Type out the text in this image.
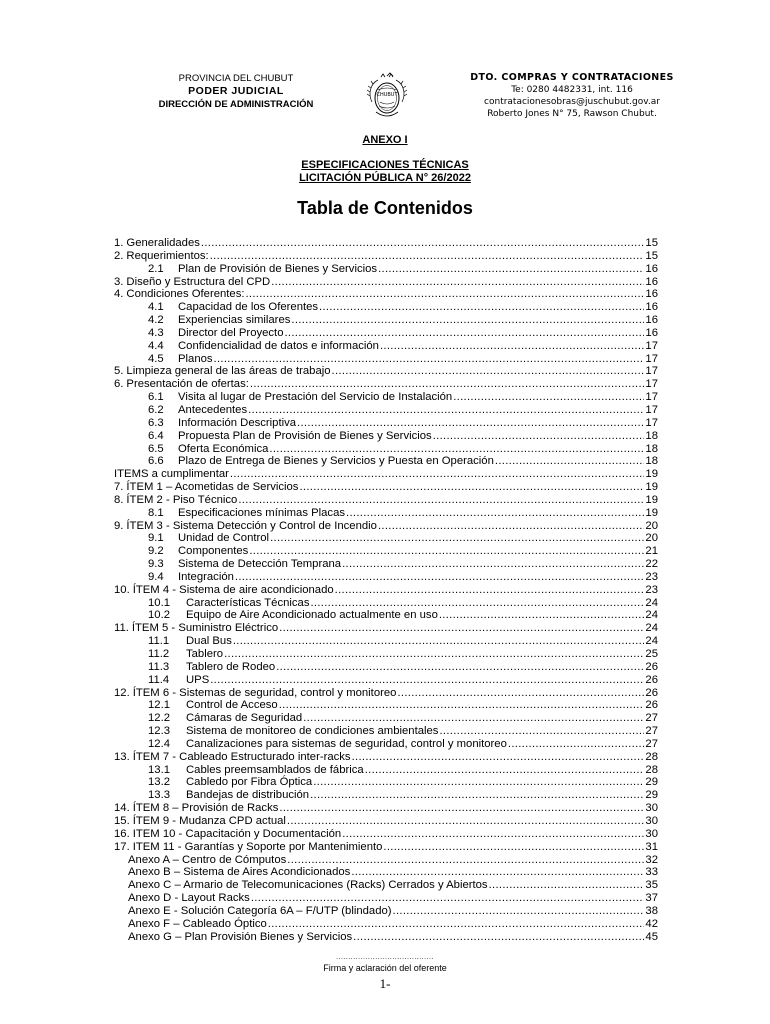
PROVINCIA DEL CHUBUT
PODER JUDICIAL
DIRECCIÓN DE ADMINISTRACIÓN
CHUBUT
DTO. COMPRAS Y CONTRATACIONES
Te: 0280 4482331, int. 116
contratacionesobras@juschubut.gov.ar
Roberto Jones N° 75, Rawson Chubut.
ANEXO I
ESPECIFICACIONES TÉCNICAS
LICITACIÓN PÚBLICA N° 26/2022
Tabla de Contenidos
1. Generalidades .....	15
2. Requerimientos: .....	15
2.1	Plan de Provisión de Bienes y Servicios .....	16
3. Diseño y Estructura del CPD .....	16
4. Condiciones Oferentes: .....	16
4.1	Capacidad de los Oferentes .....	16
4.2	Experiencias similares .....	16
4.3	Director del Proyecto .....	16
4.4	Confidencialidad de datos e información .....	17
4.5	Planos .....	17
5. Limpieza general de las áreas de trabajo .....	17
6. Presentación de ofertas: .....	17
6.1	Visita al lugar de Prestación del Servicio de Instalación .....	17
6.2	Antecedentes .....	17
6.3	Información Descriptiva .....	17
6.4	Propuesta Plan de Provisión de Bienes y Servicios .....	18
6.5	Oferta Económica .....	18
6.6	Plazo de Entrega de Bienes y Servicios y Puesta en Operación .....	18
ITEMS a cumplimentar .....	19
7. ÍTEM 1 – Acometidas de Servicios .....	19
8. ÍTEM 2 - Piso Técnico .....	19
8.1	Especificaciones mínimas Placas .....	19
9. ÍTEM 3 - Sistema Detección y Control de Incendio .....	20
9.1	Unidad de Control .....	20
9.2	Componentes .....	21
9.3	Sistema de Detección Temprana .....	22
9.4	Integración .....	23
10. ÍTEM 4 - Sistema de aire acondicionado .....	23
10.1	Características Técnicas .....	24
10.2	Equipo de Aire Acondicionado actualmente en uso .....	24
11. ÍTEM 5 - Suministro Eléctrico .....	24
11.1	Dual Bus .....	24
11.2	Tablero .....	25
11.3	Tablero de Rodeo .....	26
11.4	UPS .....	26
12. ÍTEM 6 - Sistemas de seguridad, control y monitoreo .....	26
12.1	Control de Acceso .....	26
12.2	Cámaras de Seguridad .....	27
12.3	Sistema de monitoreo de condiciones ambientales .....	27
12.4	Canalizaciones para sistemas de seguridad, control y monitoreo .....	27
13. ÍTEM 7 - Cableado Estructurado inter-racks .....	28
13.1	Cables preemsamblados de fábrica .....	28
13.2	Cabledo por Fibra Óptica .....	29
13.3	Bandejas de distribución .....	29
14. ÍTEM 8 – Provisión de Racks .....	30
15. ÍTEM 9 - Mudanza CPD actual .....	30
16. ITEM 10 - Capacitación y Documentación .....	30
17. ITEM 11 - Garantías y Soporte por Mantenimiento .....	31
Anexo A – Centro de Cómputos .....	32
Anexo B – Sistema de Aires Acondicionados .....	33
Anexo C – Armario de Telecomunicaciones (Racks) Cerrados y Abiertos .....	35
Anexo D - Layout Racks .....	37
Anexo E - Solución Categoría 6A – F/UTP (blindado) .....	38
Anexo F – Cableado Óptico .....	42
Anexo G – Plan Provisión Bienes y Servicios .....	45
........................................
Firma y aclaración del oferente
1-
